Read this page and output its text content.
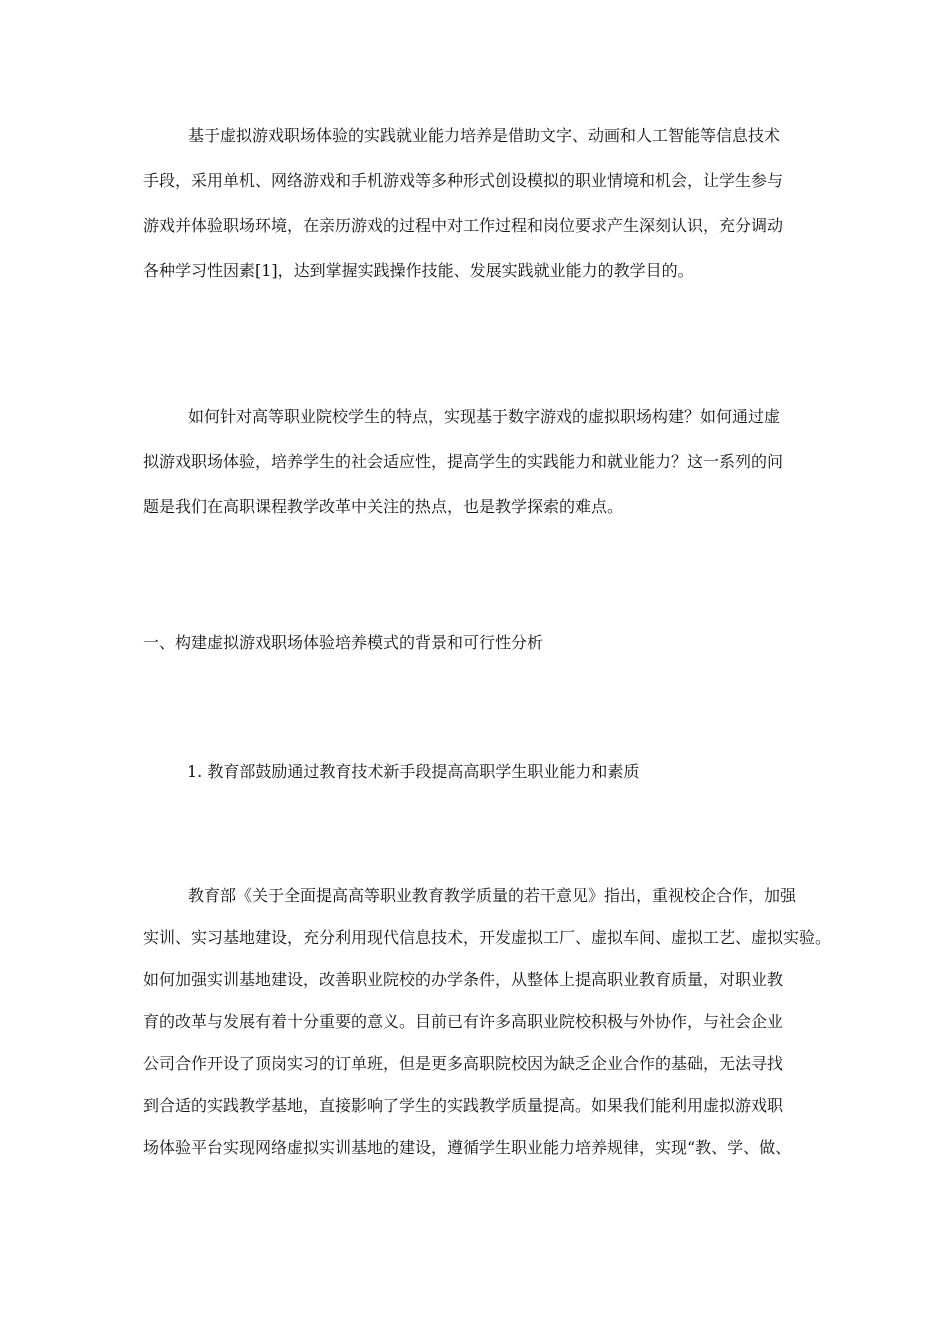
基于虚拟游戏职场体验的实践就业能力培养是借助文字、动画和人工智能等信息技术
手段，采用单机、网络游戏和手机游戏等多种形式创设模拟的职业情境和机会，让学生参与
游戏并体验职场环境，在亲历游戏的过程中对工作过程和岗位要求产生深刻认识，充分调动
各种学习性因素[1]，达到掌握实践操作技能、发展实践就业能力的教学目的。
如何针对高等职业院校学生的特点，实现基于数字游戏的虚拟职场构建？如何通过虚
拟游戏职场体验，培养学生的社会适应性，提高学生的实践能力和就业能力？这一系列的问
题是我们在高职课程教学改革中关注的热点，也是教学探索的难点。
一、构建虚拟游戏职场体验培养模式的背景和可行性分析
1. 教育部鼓励通过教育技术新手段提高高职学生职业能力和素质
教育部《关于全面提高高等职业教育教学质量的若干意见》指出，重视校企合作，加强
实训、实习基地建设，充分利用现代信息技术，开发虚拟工厂、虚拟车间、虚拟工艺、虚拟实验。
如何加强实训基地建设，改善职业院校的办学条件，从整体上提高职业教育质量，对职业教
育的改革与发展有着十分重要的意义。目前已有许多高职业院校积极与外协作，与社会企业
公司合作开设了顶岗实习的订单班，但是更多高职院校因为缺乏企业合作的基础，无法寻找
到合适的实践教学基地，直接影响了学生的实践教学质量提高。如果我们能利用虚拟游戏职
场体验平台实现网络虚拟实训基地的建设，遵循学生职业能力培养规律，实现“教、学、做、
